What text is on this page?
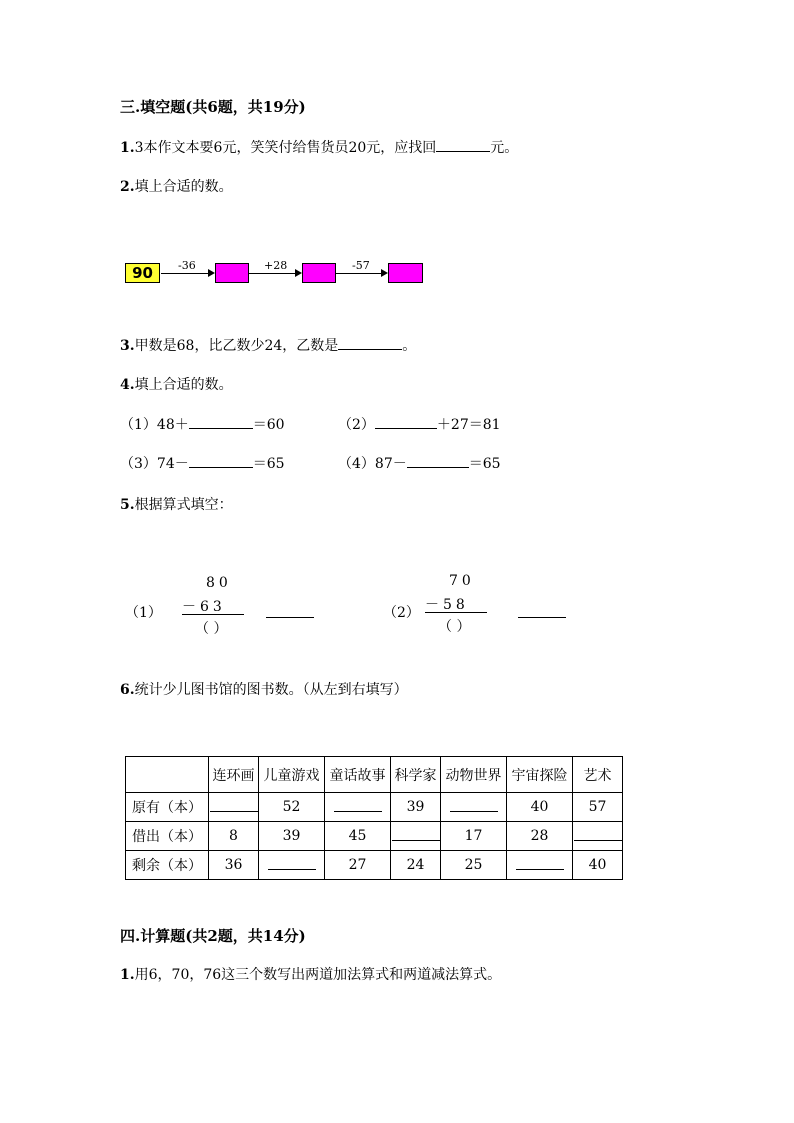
三.填空题(共6题，共19分)
1.3本作文本要6元，笑笑付给售货员20元，应找回	元。
2.填上合适的数。
90	-36	+28	-57
3.甲数是68，比乙数少24，乙数是	。
4.填上合适的数。
（1）48＋	＝60	（2）	＋27＝81
（3）74－	＝65	（4）87－	＝65
5.根据算式填空：
（1）
80
－63
（ ）
（2）
70
－58
（ ）
6.统计少儿图书馆的图书数。（从左到右填写）
	连环画	儿童游戏	童话故事	科学家	动物世界	宇宙探险	艺术
原有（本）		52		39		40	57
借出（本）	8	39	45		17	28	
剩余（本）	36		27	24	25		40
四.计算题(共2题，共14分)
1.用6，70，76这三个数写出两道加法算式和两道减法算式。
